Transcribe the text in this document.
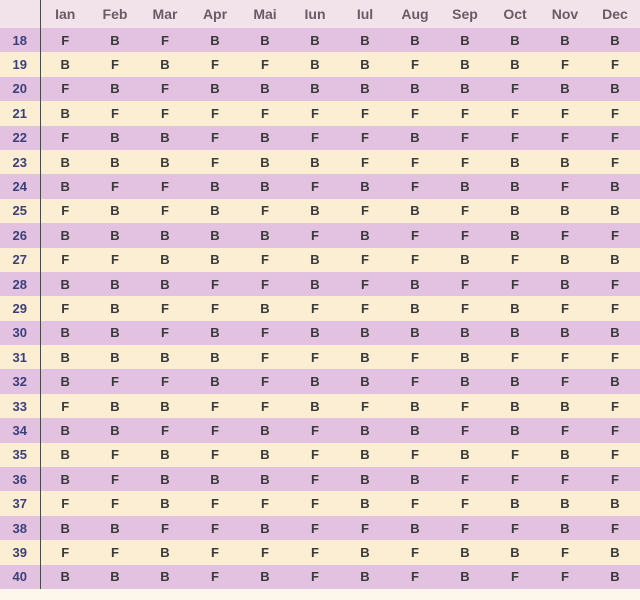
	Ian	Feb	Mar	Apr	Mai	Iun	Iul	Aug	Sep	Oct	Nov	Dec
18	F	B	F	B	B	B	B	B	B	B	B	B
19	B	F	B	F	F	B	B	F	B	B	F	F
20	F	B	F	B	B	B	B	B	B	F	B	B
21	B	F	F	F	F	F	F	F	F	F	F	F
22	F	B	B	F	B	F	F	B	F	F	F	F
23	B	B	B	F	B	B	F	F	F	B	B	F
24	B	F	F	B	B	F	B	F	B	B	F	B
25	F	B	F	B	F	B	F	B	F	B	B	B
26	B	B	B	B	B	F	B	F	F	B	F	F
27	F	F	B	B	F	B	F	F	B	F	B	B
28	B	B	B	F	F	B	F	B	F	F	B	F
29	F	B	F	F	B	F	F	B	F	B	F	F
30	B	B	F	B	F	B	B	B	B	B	B	B
31	B	B	B	B	F	F	B	F	B	F	F	F
32	B	F	F	B	F	B	B	F	B	B	F	B
33	F	B	B	F	F	B	F	B	F	B	B	F
34	B	B	F	F	B	F	B	B	F	B	F	F
35	B	F	B	F	B	F	B	F	B	F	B	F
36	B	F	B	B	B	F	B	B	F	F	F	F
37	F	F	B	F	F	F	B	F	F	B	B	B
38	B	B	F	F	B	F	F	B	F	F	B	F
39	F	F	B	F	F	F	B	F	B	B	F	B
40	B	B	B	F	B	F	B	F	B	F	F	B
